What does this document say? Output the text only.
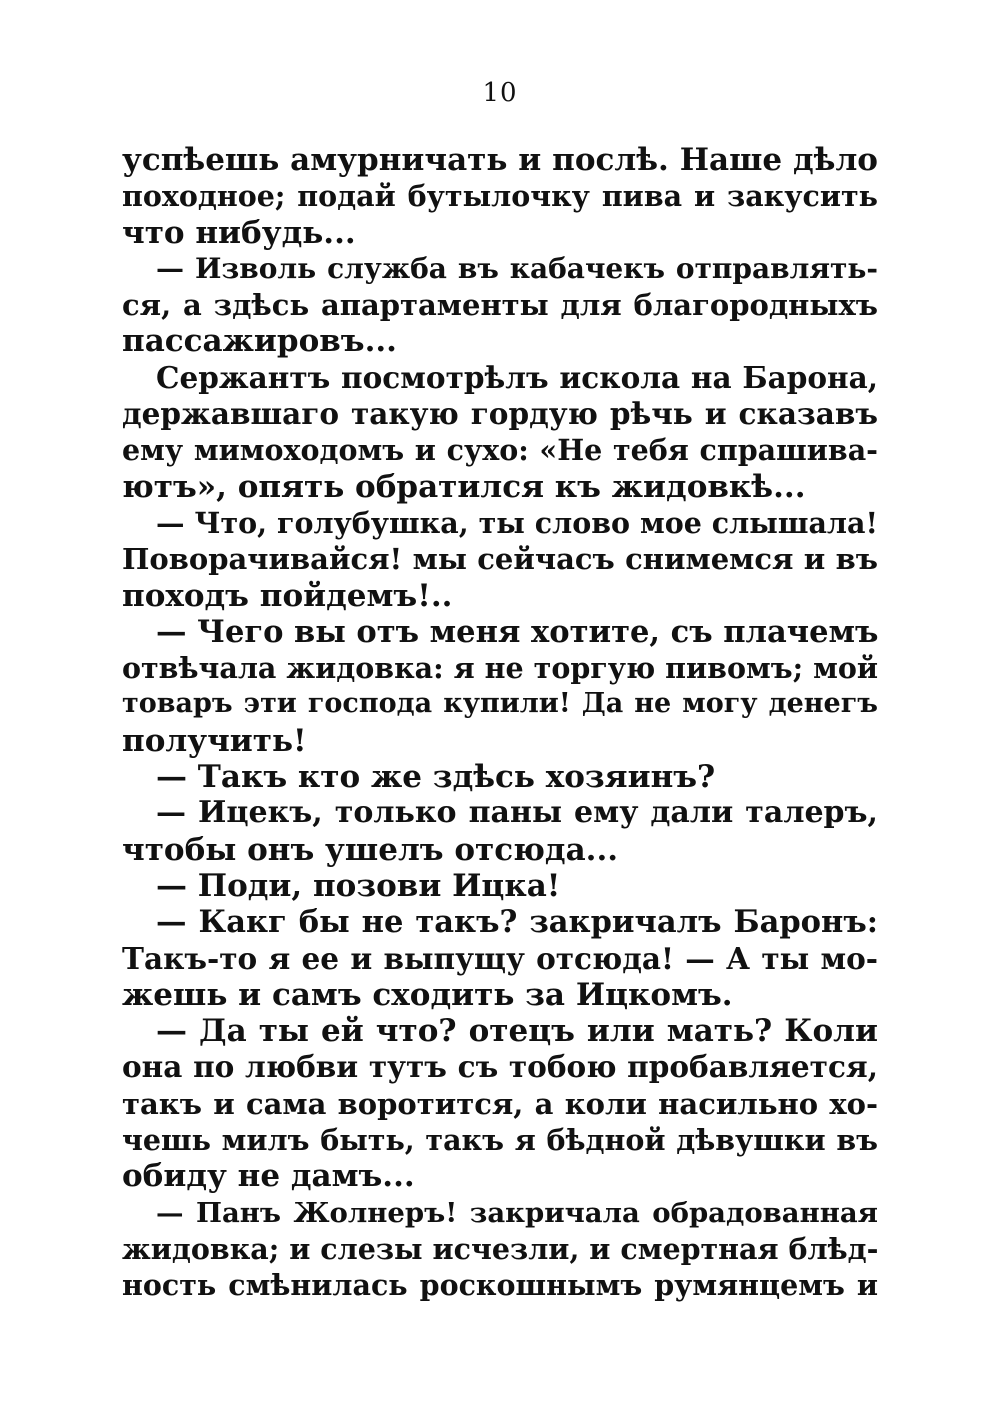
10
успѣешь амурничать и послѣ. Наше дѣло
походное; подай бутылочку пива и закусить
что нибудь...
— Изволь служба въ кабачекъ отправлять-
ся, а здѣсь апартаменты для благородныхъ
пассажировъ...
Сержантъ посмотрѣлъ искола на Барона,
державшаго такую гордую рѣчь и сказавъ
ему мимоходомъ и сухо: «Не тебя спрашива-
ютъ», опять обратился къ жидовкѣ...
— Что, голубушка, ты слово мое слышала!
Поворачивайся! мы сейчасъ снимемся и въ
походъ пойдемъ!..
— Чего вы отъ меня хотите, съ плачемъ
отвѣчала жидовка: я не торгую пивомъ; мой
товаръ эти господа купили! Да не могу денегъ
получить!
— Такъ кто же здѣсь хозяинъ?
— Ицекъ, только паны ему дали талеръ,
чтобы онъ ушелъ отсюда...
— Поди, позови Ицка!
— Какг бы не такъ? закричалъ Баронъ:
Такъ-то я ее и выпущу отсюда! — А ты мо-
жешь и самъ сходить за Ицкомъ.
— Да ты ей что? отецъ или мать? Коли
она по любви тутъ съ тобою пробавляется,
такъ и сама воротится, а коли насильно хо-
чешь милъ быть, такъ я бѣдной дѣвушки въ
обиду не дамъ...
— Панъ Жолнеръ! закричала обрадованная
жидовка; и слезы исчезли, и смертная блѣд-
ность смѣнилась роскошнымъ румянцемъ и
